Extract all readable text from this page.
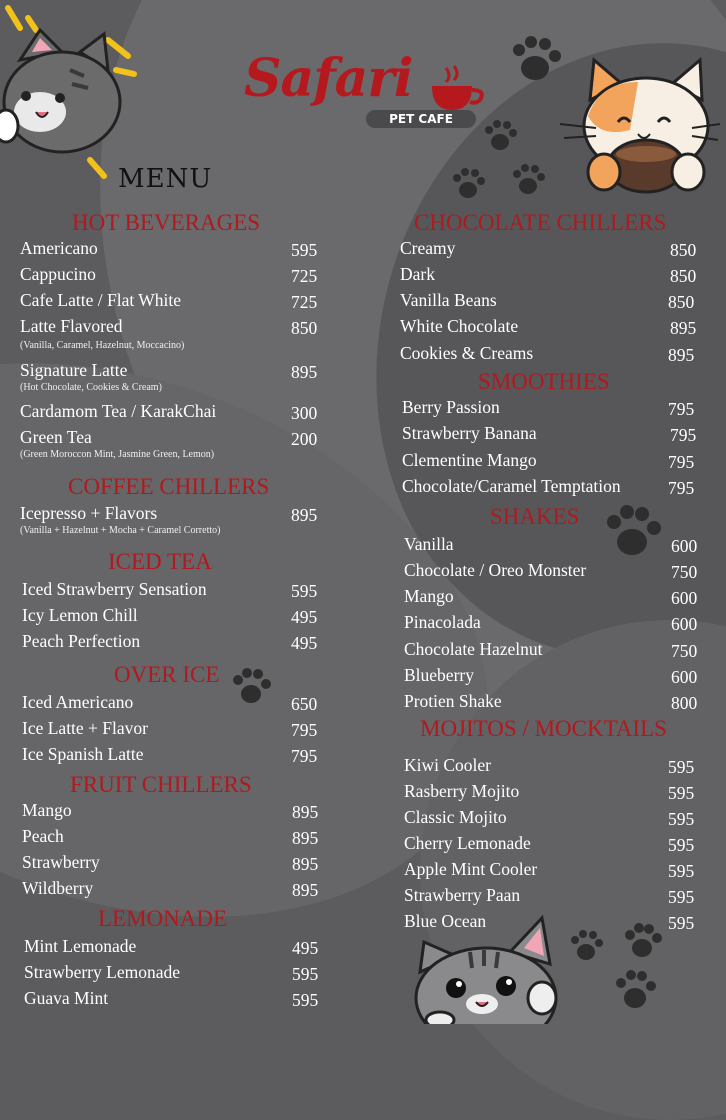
Safari
PET CAFE
MENU
HOT BEVERAGES
Americano	595
Cappucino	725
Cafe Latte / Flat White	725
Latte Flavored	850
(Vanilla, Caramel, Hazelnut, Moccacino)
Signature Latte	895
(Hot Chocolate, Cookies & Cream)
Cardamom Tea / KarakChai	300
Green Tea	200
(Green Moroccon Mint, Jasmine Green, Lemon)
COFFEE CHILLERS
Icepresso + Flavors	895
(Vanilla + Hazelnut + Mocha + Caramel Corretto)
ICED TEA
Iced Strawberry Sensation	595
Icy Lemon Chill	495
Peach Perfection	495
OVER ICE
Iced Americano	650
Ice Latte + Flavor	795
Ice Spanish Latte	795
FRUIT CHILLERS
Mango	895
Peach	895
Strawberry	895
Wildberry	895
LEMONADE
Mint Lemonade	495
Strawberry Lemonade	595
Guava Mint	595
CHOCOLATE CHILLERS
Creamy	850
Dark	850
Vanilla Beans	850
White Chocolate	895
Cookies & Creams	895
SMOOTHIES
Berry Passion	795
Strawberry Banana	795
Clementine Mango	795
Chocolate/Caramel Temptation	795
SHAKES
Vanilla	600
Chocolate / Oreo Monster	750
Mango	600
Pinacolada	600
Chocolate Hazelnut	750
Blueberry	600
Protien Shake	800
MOJITOS / MOCKTAILS
Kiwi Cooler	595
Rasberry Mojito	595
Classic Mojito	595
Cherry Lemonade	595
Apple Mint Cooler	595
Strawberry Paan	595
Blue Ocean	595
